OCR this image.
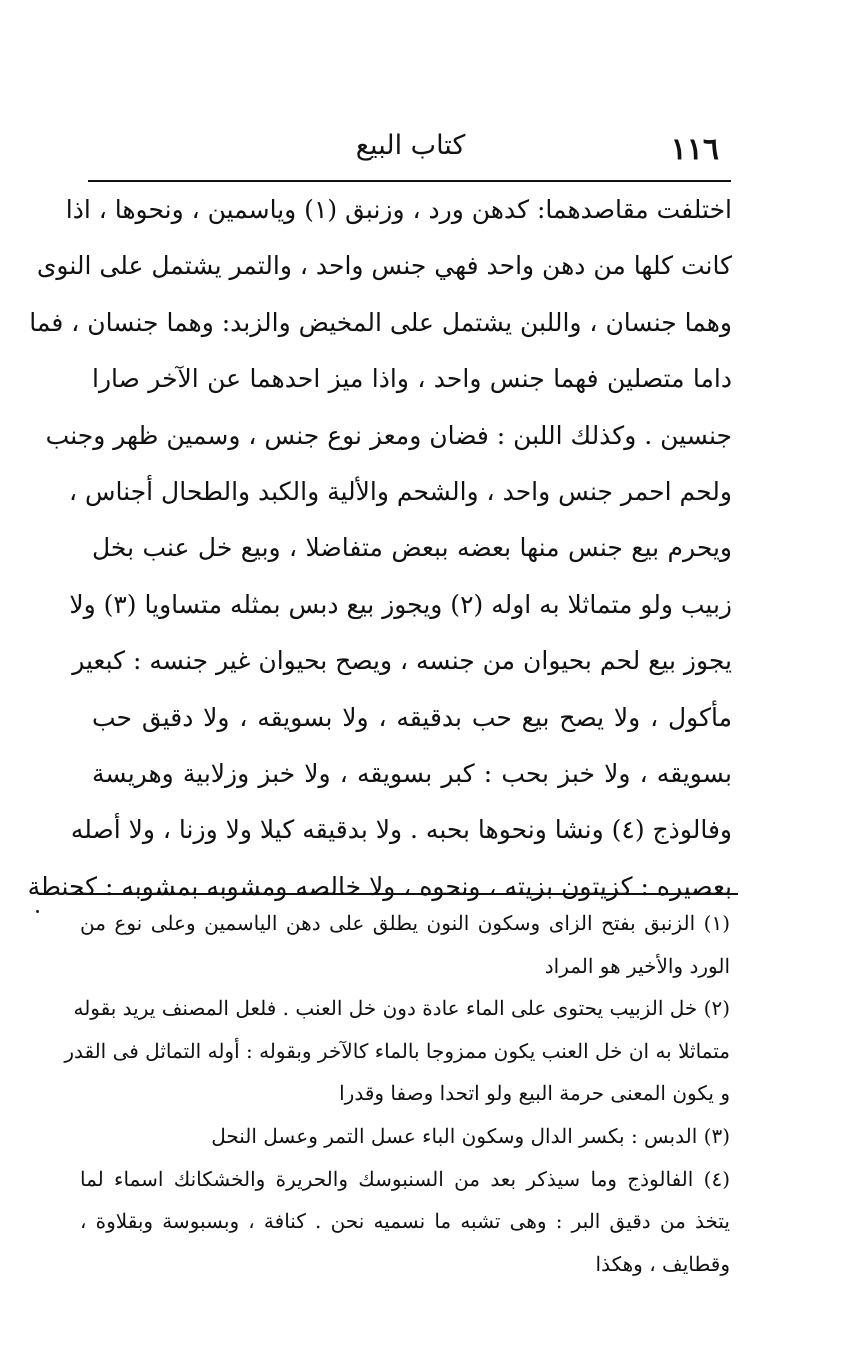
١١٦
كتاب البيع
اختلفت مقاصدهما: كدهن ورد ، وزنبق (١) وياسمين ، ونحوها ، اذا
كانت كلها من دهن واحد فهي جنس واحد ، والتمر يشتمل على النوى
وهما جنسان ، واللبن يشتمل على المخيض والزبد: وهما جنسان ، فما
داما متصلين فهما جنس واحد ، واذا ميز احدهما عن الآخر صارا
جنسين . وكذلك اللبن : فضان ومعز نوع جنس ، وسمين ظهر وجنب
ولحم احمر جنس واحد ، والشحم والألية والكبد والطحال أجناس ،
ويحرم بيع جنس منها بعضه ببعض متفاضلا ، وبيع خل عنب بخل
زبيب ولو متماثلا به اوله (٢) ويجوز بيع دبس بمثله متساويا (٣) ولا
يجوز بيع لحم بحيوان من جنسه ، ويصح بحيوان غير جنسه : كبعير
مأكول ، ولا يصح بيع حب بدقيقه ، ولا بسويقه ، ولا دقيق حب
بسويقه ، ولا خبز بحب : كبر بسويقه ، ولا خبز وزلابية وهريسة
وفالوذج (٤) ونشا ونحوها بحبه . ولا بدقيقه كيلا ولا وزنا ، ولا أصله
بعصيره : كزيتون بزيته ، ونحوه ، ولا خالصه ومشوبه بمشوبه : كحنطة
(١) الزنبق بفتح الزاى وسكون النون يطلق على دهن الياسمين وعلى نوع من
الورد والأخير هو المراد
(٢) خل الزبيب يحتوى على الماء عادة دون خل العنب . فلعل المصنف يريد بقوله
متماثلا به ان خل العنب يكون ممزوجا بالماء كالآخر وبقوله : أوله التماثل فى القدر
و يكون المعنى حرمة البيع ولو اتحدا وصفا وقدرا
(٣) الدبس : بكسر الدال وسكون الباء عسل التمر وعسل النحل
(٤) الفالوذج وما سيذكر بعد من السنبوسك والحريرة والخشكانك اسماء لما
يتخذ من دقيق البر : وهى تشبه ما نسميه نحن . كنافة ، وبسبوسة وبقلاوة ،
وقطايف ، وهكذا
